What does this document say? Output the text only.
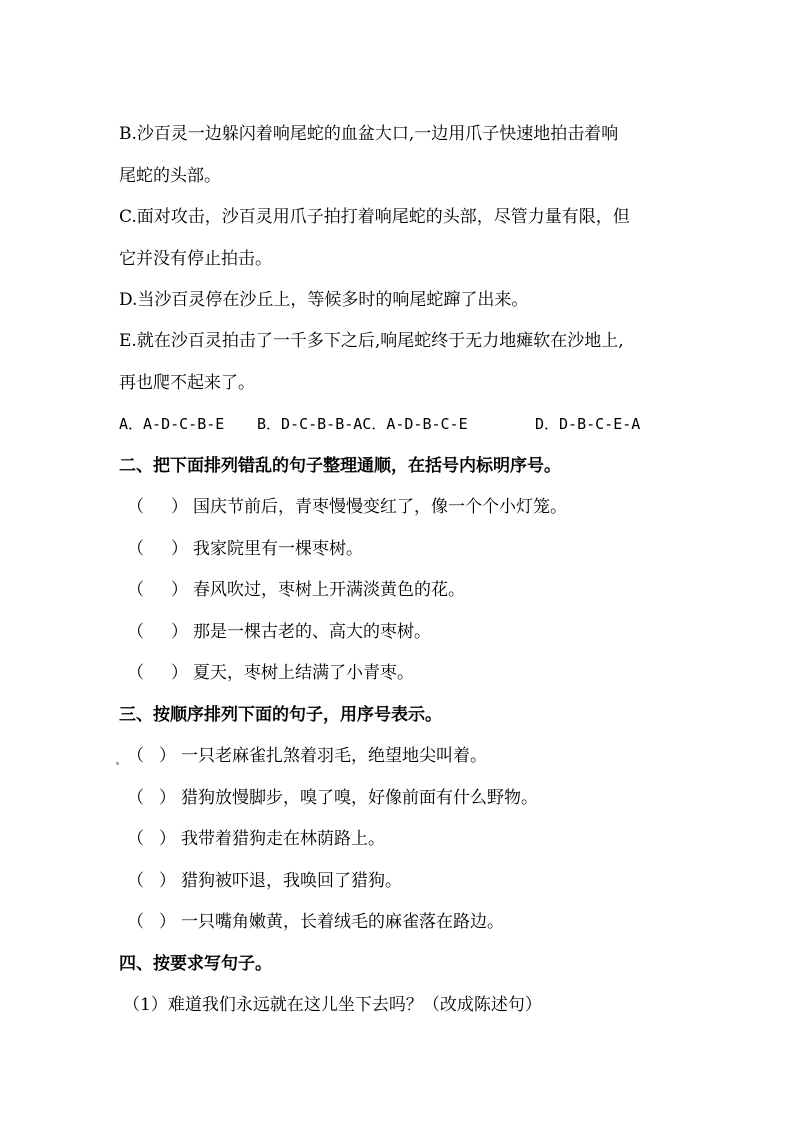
B.沙百灵一边躲闪着响尾蛇的血盆大口,一边用爪子快速地拍击着响
尾蛇的头部。
C.面对攻击，沙百灵用爪子拍打着响尾蛇的头部，尽管力量有限，但
它并没有停止拍击。
D.当沙百灵停在沙丘上，等候多时的响尾蛇蹿了出来。
E.就在沙百灵拍击了一千多下之后,响尾蛇终于无力地瘫软在沙地上,
再也爬不起来了。
A．A-D-C-B-E B．D-C-B-B-AC．A-D-B-C-E	D．D-B-C-E-A
二、把下面排列错乱的句子整理通顺，在括号内标明序号。
（ ） 国庆节前后，青枣慢慢变红了，像一个个小灯笼。
（ ） 我家院里有一棵枣树。
（ ） 春风吹过，枣树上开满淡黄色的花。
（ ） 那是一棵古老的、高大的枣树。
（ ） 夏天，枣树上结满了小青枣。
三、按顺序排列下面的句子，用序号表示。
（ ） 一只老麻雀扎煞着羽毛，绝望地尖叫着。
（ ） 猎狗放慢脚步，嗅了嗅，好像前面有什么野物。
（ ） 我带着猎狗走在林荫路上。
（ ） 猎狗被吓退，我唤回了猎狗。
（ ） 一只嘴角嫩黄，长着绒毛的麻雀落在路边。
四、按要求写句子。
（1）难道我们永远就在这儿坐下去吗？（改成陈述句）
